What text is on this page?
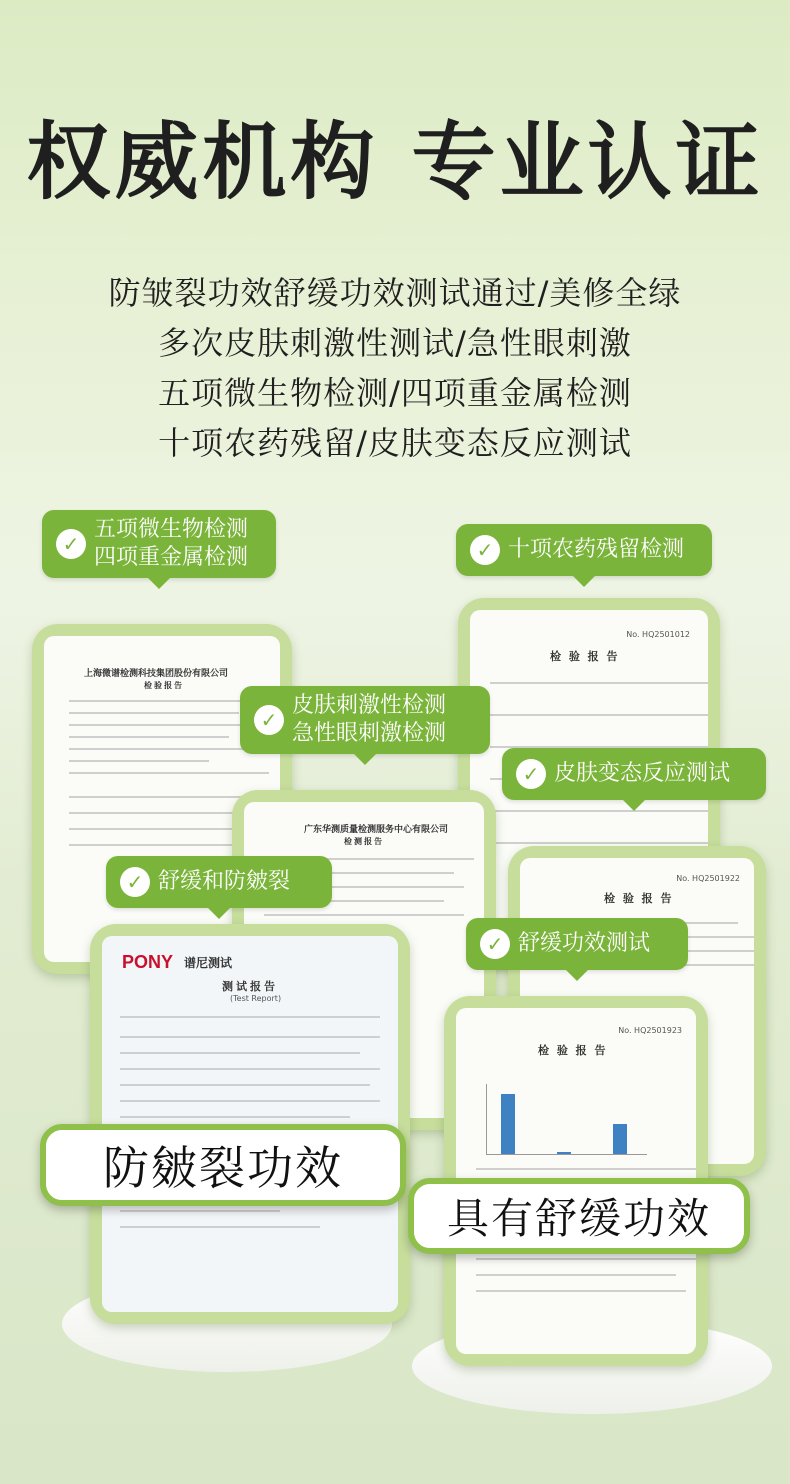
权威机构 专业认证
防皱裂功效舒缓功效测试通过/美修全绿
多次皮肤刺激性测试/急性眼刺激
五项微生物检测/四项重金属检测
十项农药残留/皮肤变态反应测试
上海微谱检测科技集团股份有限公司
检验报告
No. HQ2501012
检 验 报 告
广东华测质量检测服务中心有限公司
检测报告
No. HQ2501922
检 验 报 告
PONY 谱尼测试
测试报告
(Test Report)
No. HQ2501923
检 验 报 告
✓
五项微生物检测
四项重金属检测	✓ 十项农药残留检测
✓
皮肤刺激性检测
急性眼刺激检测
✓ 皮肤变态反应测试
✓ 舒缓和防皴裂
✓ 舒缓功效测试
防皴裂功效
具有舒缓功效
